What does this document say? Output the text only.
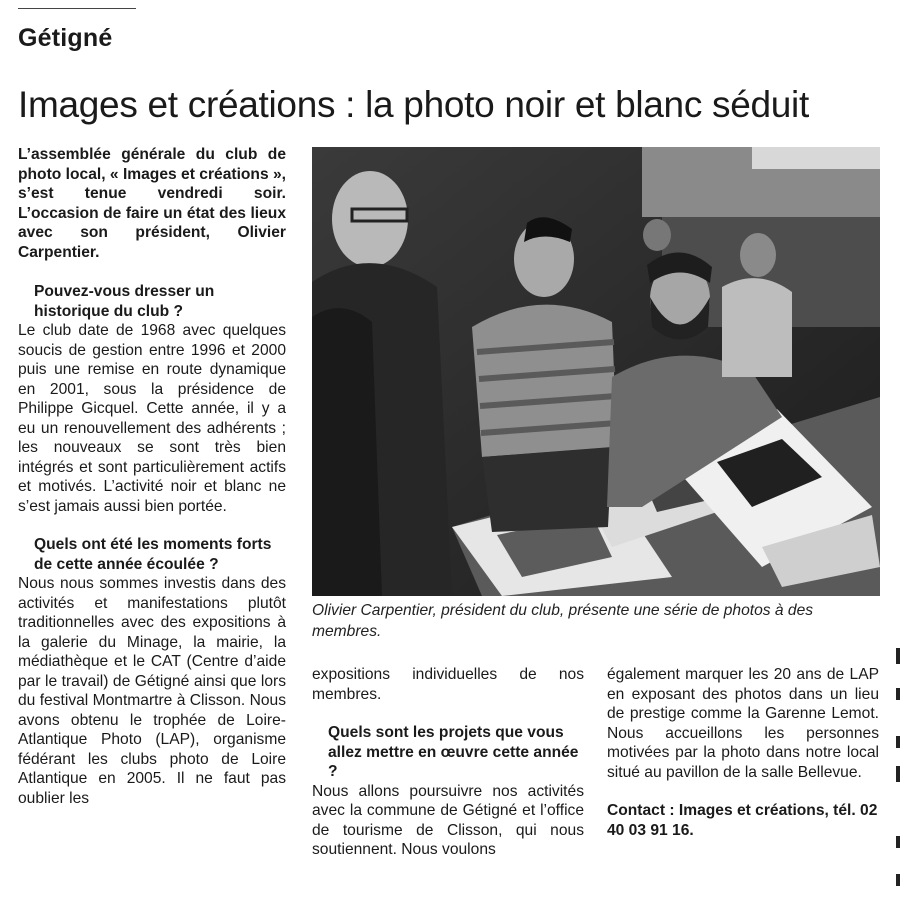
Gétigné
Images et créations : la photo noir et blanc séduit

L’assemblée générale du club de photo local, « Images et créations », s’est tenue vendredi soir. L’occasion de faire un état des lieux avec son président, Olivier Carpentier.

Pouvez-vous dresser un historique du club ?

Le club date de 1968 avec quelques soucis de gestion entre 1996 et 2000 puis une remise en route dynamique en 2001, sous la présidence de Philippe Gicquel. Cette année, il y a eu un renouvellement des adhérents ; les nouveaux se sont très bien intégrés et sont particulièrement actifs et motivés. L’activité noir et blanc ne s’est jamais aussi bien portée.

Quels ont été les moments forts de cette année écoulée ?

Nous nous sommes investis dans des activités et manifestations plutôt traditionnelles avec des expositions à la galerie du Minage, la mairie, la médiathèque et le CAT (Centre d’aide par le travail) de Gétigné ainsi que lors du festival Montmartre à Clisson. Nous avons obtenu le trophée de Loire-Atlantique Photo (LAP), organisme fédérant les clubs photo de Loire Atlantique en 2005. Il ne faut pas oublier les

Olivier Carpentier, président du club, présente une série de photos à des membres.

expositions individuelles de nos membres.

Quels sont les projets que vous allez mettre en œuvre cette année ?

Nous allons poursuivre nos activités avec la commune de Gétigné et l’office de tourisme de Clisson, qui nous soutiennent. Nous voulons

également marquer les 20 ans de LAP en exposant des photos dans un lieu de prestige comme la Garenne Lemot. Nous accueillons les personnes motivées par la photo dans notre local situé au pavillon de la salle Bellevue.

Contact : Images et créations, tél. 02 40 03 91 16.
